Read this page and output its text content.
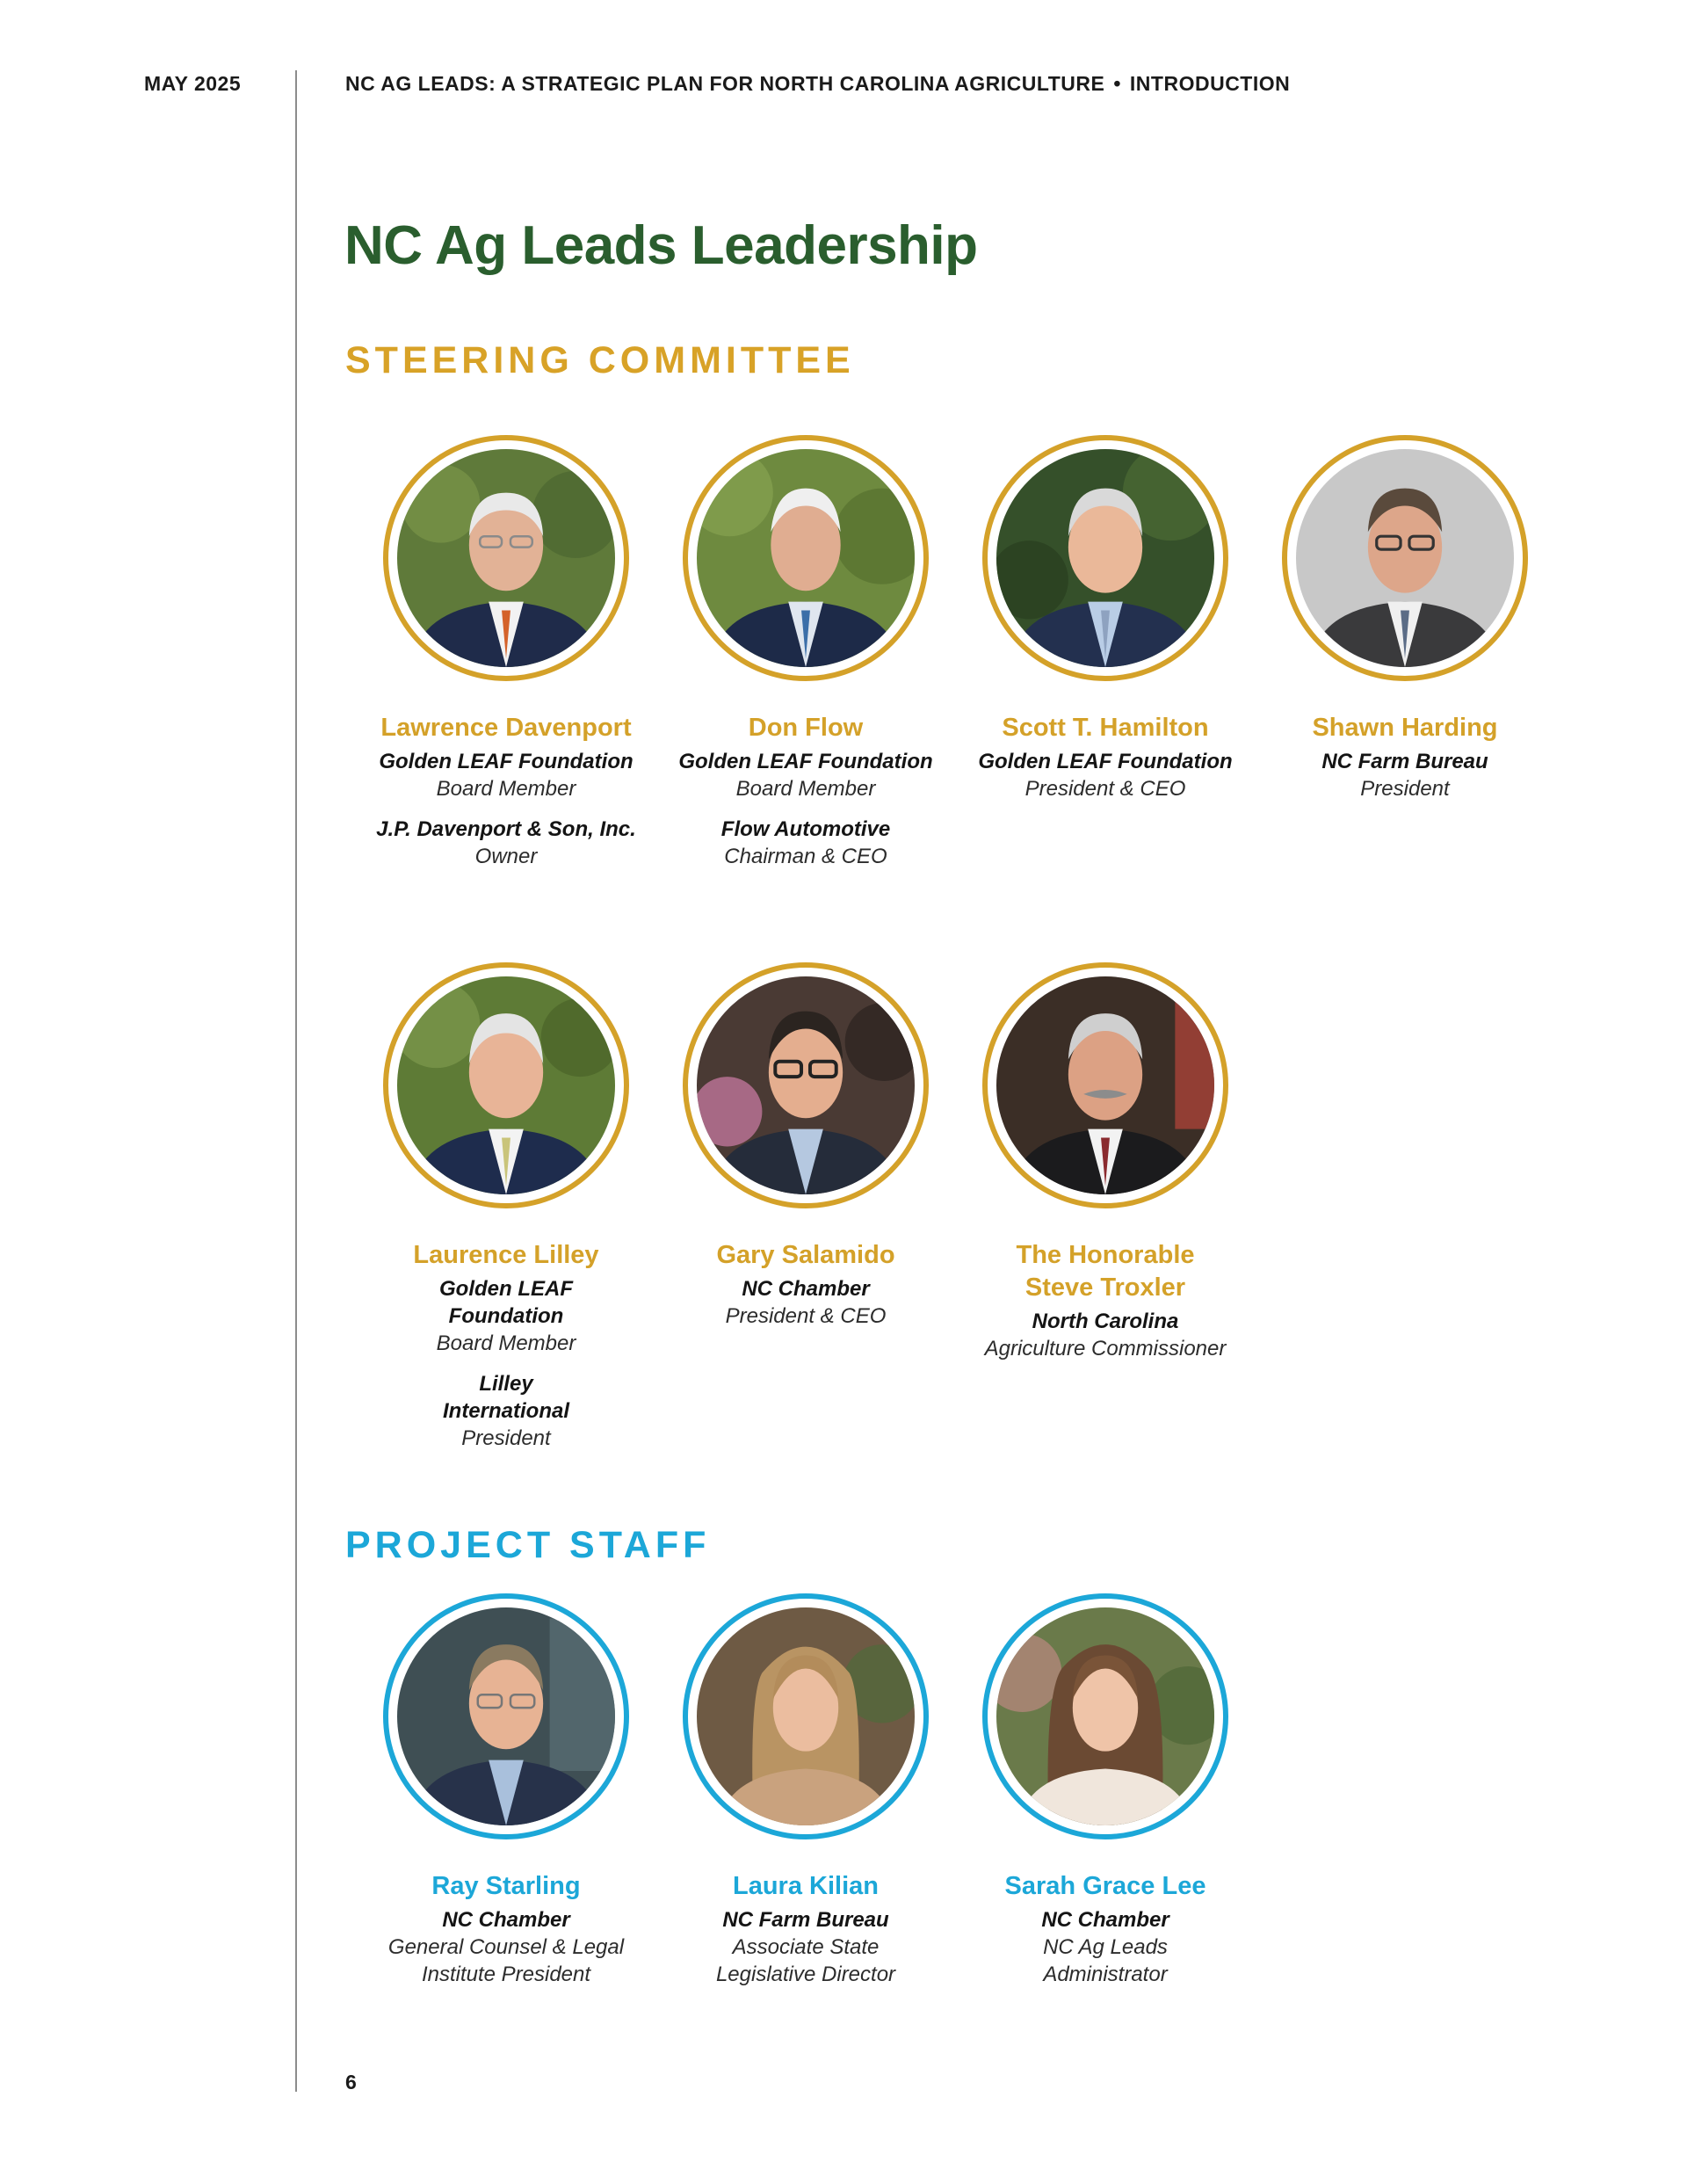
MAY 2025	NC AG LEADS: A STRATEGIC PLAN FOR NORTH CAROLINA AGRICULTURE • INTRODUCTION
NC Ag Leads Leadership
STEERING COMMITTEE
Lawrence Davenport
Golden LEAF Foundation
Board Member
J.P. Davenport & Son, Inc.
Owner
Don Flow
Golden LEAF Foundation
Board Member
Flow Automotive
Chairman & CEO
Scott T. Hamilton
Golden LEAF Foundation
President & CEO
Shawn Harding
NC Farm Bureau
President
Laurence Lilley
Golden LEAF Foundation
Board Member
Lilley International
President
Gary Salamido
NC Chamber
President & CEO
The Honorable Steve Troxler
North Carolina
Agriculture Commissioner
PROJECT STAFF
Ray Starling
NC Chamber
General Counsel & Legal Institute President
Laura Kilian
NC Farm Bureau
Associate State Legislative Director
Sarah Grace Lee
NC Chamber
NC Ag Leads Administrator
6
